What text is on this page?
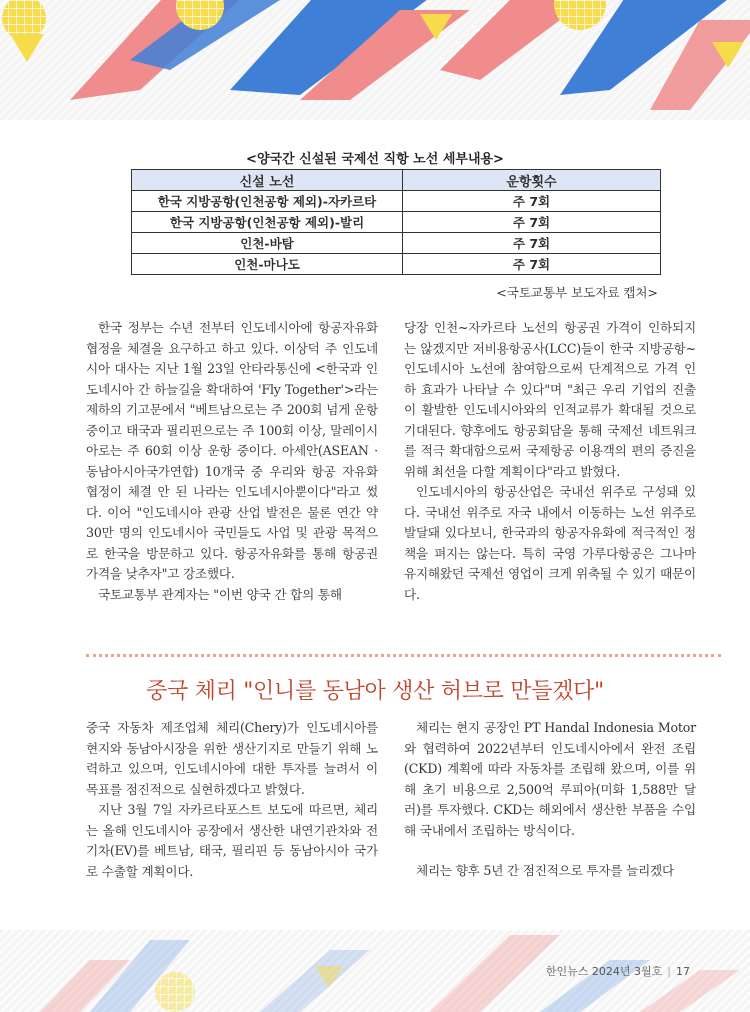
<양국간 신설된 국제선 직항 노선 세부내용>
신설 노선	운항횟수
한국 지방공항(인천공항 제외)-자카르타	주 7회
한국 지방공항(인천공항 제외)-발리	주 7회
인천-바탐	주 7회
인천-마나도	주 7회
<국토교통부 보도자료 캡처>

한국 정부는 수년 전부터 인도네시아에 항공자유화 협정을 체결을 요구하고 하고 있다. 이상덕 주 인도네시아 대사는 지난 1월 23일 안타라통신에 <한국과 인도네시아 간 하늘길을 확대하여 'Fly Together'>라는 제하의 기고문에서 "베트남으로는 주 200회 넘게 운항 중이고 태국과 필리핀으로는 주 100회 이상, 말레이시아로는 주 60회 이상 운항 중이다. 아세안(ASEAN · 동남아시아국가연합) 10개국 중 우리와 항공 자유화 협정이 체결 안 된 나라는 인도네시아뿐이다"라고 썼다. 이어 "인도네시아 관광 산업 발전은 물론 연간 약 30만 명의 인도네시아 국민들도 사업 및 관광 목적으로 한국을 방문하고 있다. 항공자유화를 통해 항공권 가격을 낮추자"고 강조했다.

국토교통부 관계자는 "이번 양국 간 합의 통해

당장 인천~자카르타 노선의 항공권 가격이 인하되지는 않겠지만 저비용항공사(LCC)들이 한국 지방공항~인도네시아 노선에 참여함으로써 단계적으로 가격 인하 효과가 나타날 수 있다"며 "최근 우리 기업의 진출이 활발한 인도네시아와의 인적교류가 확대될 것으로 기대된다. 향후에도 항공회담을 통해 국제선 네트워크를 적극 확대함으로써 국제항공 이용객의 편의 증진을 위해 최선을 다할 계획이다"라고 밝혔다.

인도네시아의 항공산업은 국내선 위주로 구성돼 있다. 국내선 위주로 자국 내에서 이동하는 노선 위주로 발달돼 있다보니, 한국과의 항공자유화에 적극적인 정책을 펴지는 않는다. 특히 국영 가루다항공은 그나마 유지해왔던 국제선 영업이 크게 위축될 수 있기 때문이다.

중국 체리 "인니를 동남아 생산 허브로 만들겠다"

중국 자동차 제조업체 체리(Chery)가 인도네시아를 현지와 동남아시장을 위한 생산기지로 만들기 위해 노력하고 있으며, 인도네시아에 대한 투자를 늘려서 이 목표를 점진적으로 실현하겠다고 밝혔다.

지난 3월 7일 자카르타포스트 보도에 따르면, 체리는 올해 인도네시아 공장에서 생산한 내연기관차와 전기차(EV)를 베트남, 태국, 필리핀 등 동남아시아 국가로 수출할 계획이다.

체리는 현지 공장인 PT Handal Indonesia Motor와 협력하여 2022년부터 인도네시아에서 완전 조립(CKD) 계획에 따라 자동차를 조립해 왔으며, 이를 위해 초기 비용으로 2,500억 루피아(미화 1,588만 달러)를 투자했다. CKD는 해외에서 생산한 부품을 수입해 국내에서 조립하는 방식이다.

체리는 향후 5년 간 점진적으로 투자를 늘리겠다

한인뉴스 2024년 3월호 | 17
